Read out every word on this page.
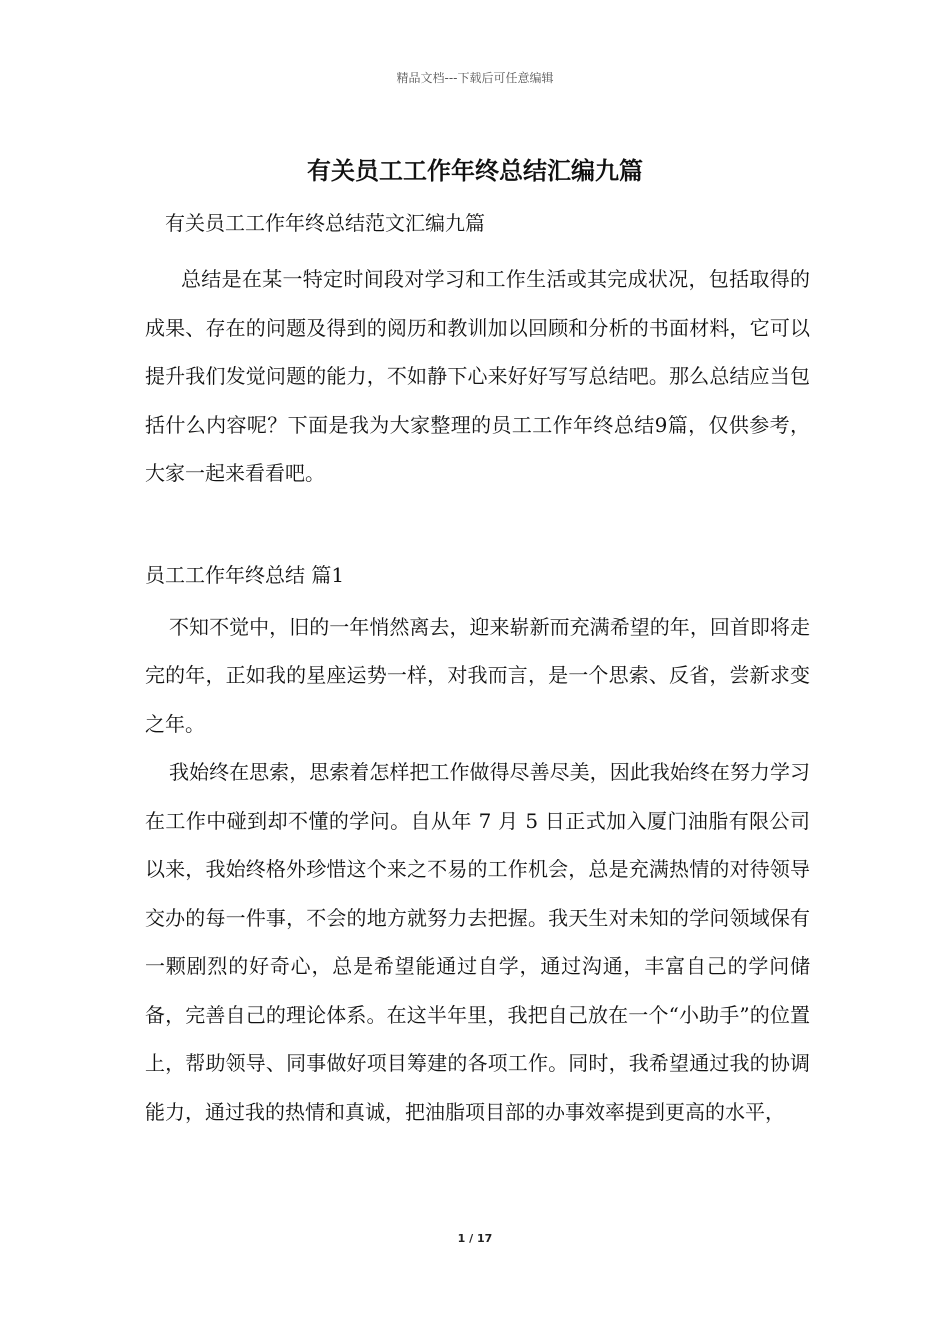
精品文档---下载后可任意编辑
有关员工工作年终总结汇编九篇

有关员工工作年终总结范文汇编九篇

总结是在某一特定时间段对学习和工作生活或其完成状况，包括取得的成果、存在的问题及得到的阅历和教训加以回顾和分析的书面材料，它可以提升我们发觉问题的能力，不如静下心来好好写写总结吧。那么总结应当包括什么内容呢？下面是我为大家整理的员工工作年终总结9篇，仅供参考，大家一起来看看吧。

员工工作年终总结 篇1

不知不觉中，旧的一年悄然离去，迎来崭新而充满希望的年，回首即将走完的年，正如我的星座运势一样，对我而言，是一个思索、反省，尝新求变之年。

我始终在思索，思索着怎样把工作做得尽善尽美，因此我始终在努力学习在工作中碰到却不懂的学问。自从年 7 月 5 日正式加入厦门油脂有限公司以来，我始终格外珍惜这个来之不易的工作机会，总是充满热情的对待领导交办的每一件事，不会的地方就努力去把握。我天生对未知的学问领域保有一颗剧烈的好奇心，总是希望能通过自学，通过沟通，丰富自己的学问储备，完善自己的理论体系。在这半年里，我把自己放在一个“小助手”的位置上，帮助领导、同事做好项目筹建的各项工作。同时，我希望通过我的协调能力，通过我的热情和真诚，把油脂项目部的办事效率提到更高的水平，

1 / 17
